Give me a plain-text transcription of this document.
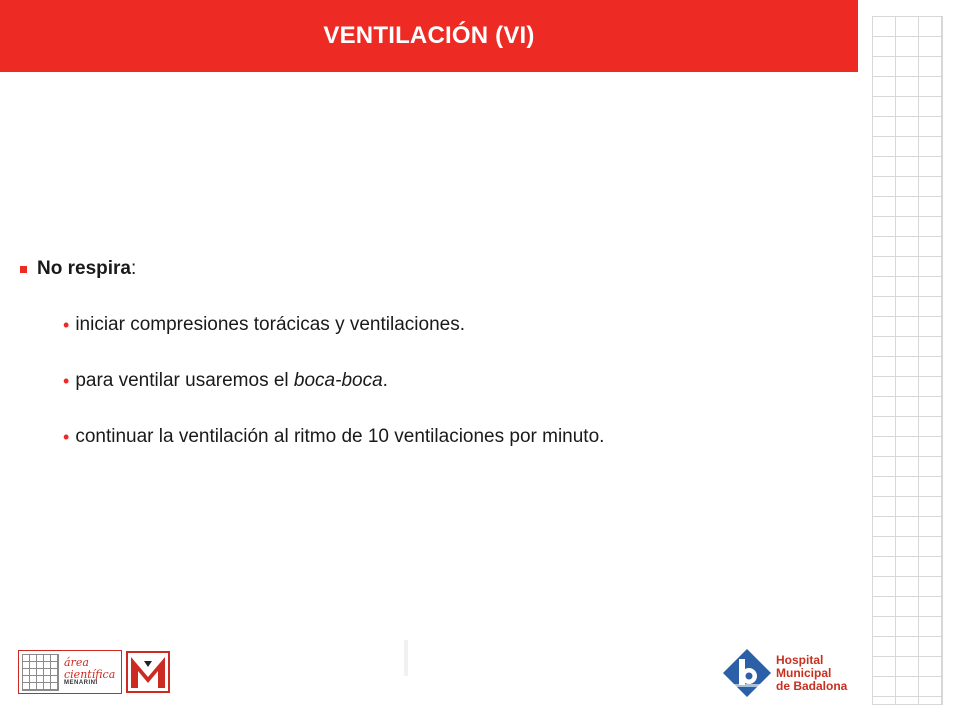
VENTILACIÓN (VI)
No respira :
• iniciar compresiones torácicas y ventilaciones.
• para ventilar usaremos el boca-boca .
• continuar la ventilación al ritmo de 10 ventilaciones por minuto.
área
científica
MENARINI
Hospital
Municipal
de Badalona
